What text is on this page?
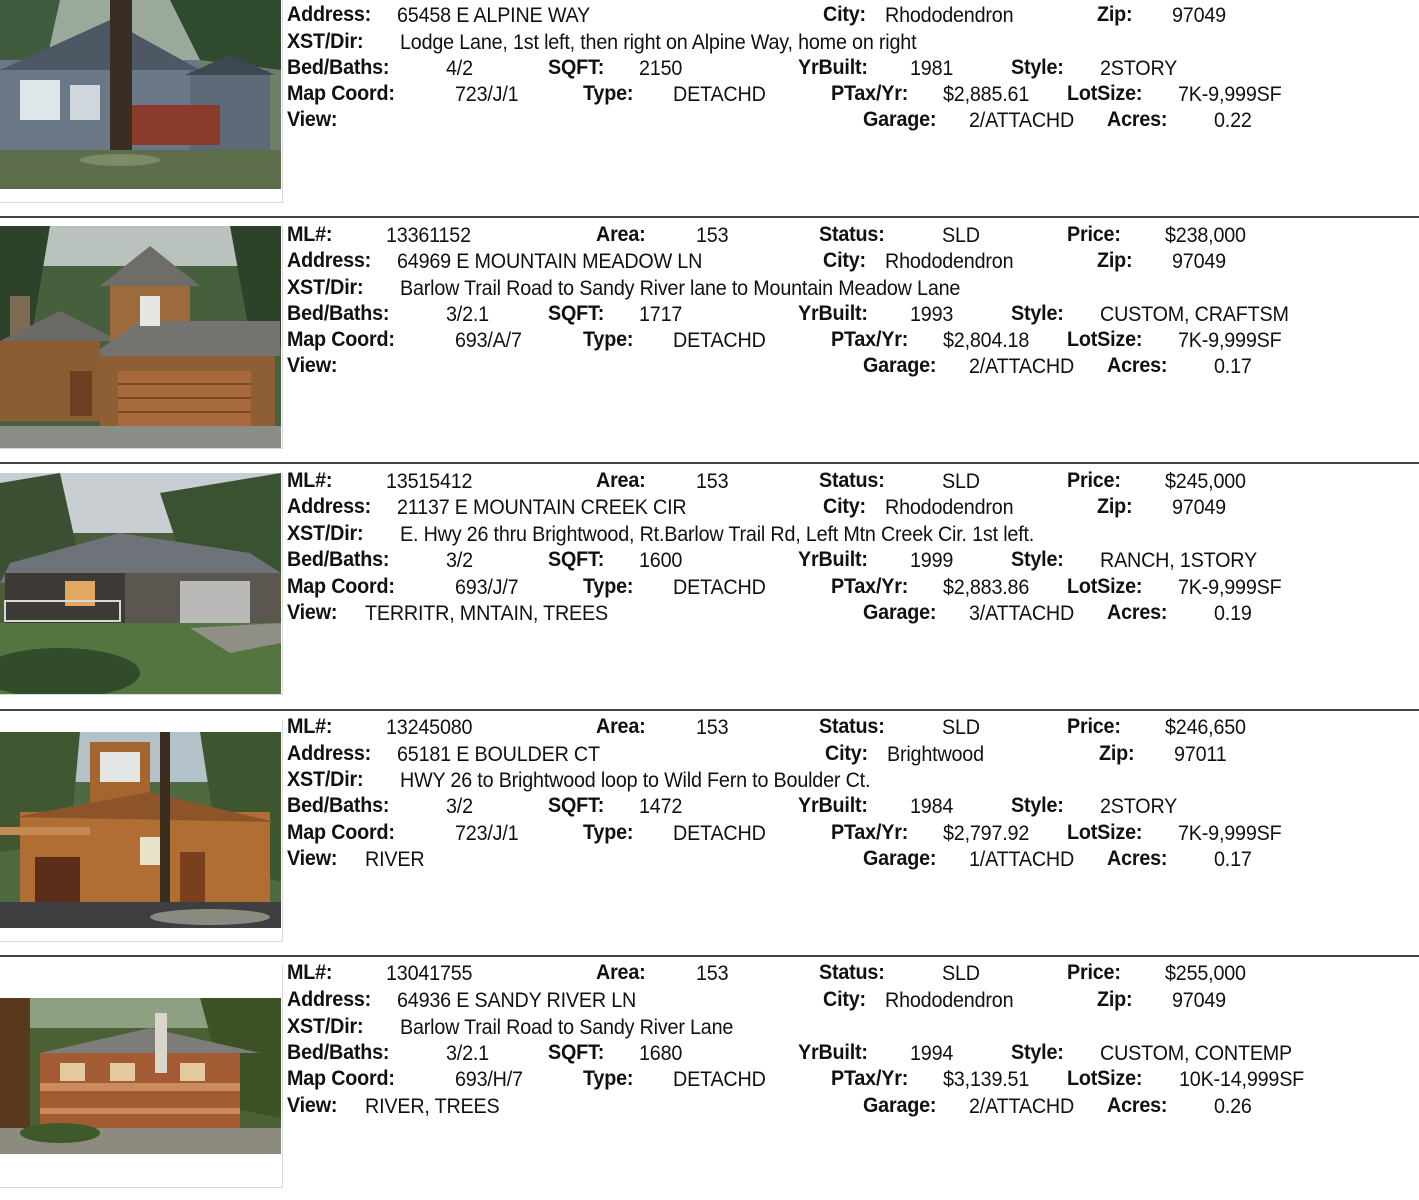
Address: 65458 E ALPINE WAY	City: Rhododendron	Zip: 97049
XST/Dir: Lodge Lane, 1st left, then right on Alpine Way, home on right
Bed/Baths:	4/2	SQFT: 2150	YrBuilt: 1981	Style: 2STORY
Map Coord:	723/J/1	Type: DETACHD	PTax/Yr: $2,885.61 LotSize: 7K-9,999SF
View:	Garage: 2/ATTACHD Acres: 0.22
ML#:	13361152	Area: 153	Status:	SLD	Price: $238,000
Address: 64969 E MOUNTAIN MEADOW LN	City: Rhododendron	Zip: 97049
XST/Dir: Barlow Trail Road to Sandy River lane to Mountain Meadow Lane
Bed/Baths:	3/2.1	SQFT: 1717	YrBuilt: 1993	Style: CUSTOM, CRAFTSM
Map Coord:	693/A/7	Type: DETACHD	PTax/Yr: $2,804.18 LotSize: 7K-9,999SF
View:	Garage: 2/ATTACHD Acres: 0.17
ML#:	13515412	Area: 153	Status:	SLD	Price: $245,000
Address: 21137 E MOUNTAIN CREEK CIR	City: Rhododendron	Zip: 97049
XST/Dir: E. Hwy 26 thru Brightwood, Rt.Barlow Trail Rd, Left Mtn Creek Cir. 1st left.
Bed/Baths:	3/2	SQFT: 1600	YrBuilt: 1999	Style: RANCH, 1STORY
Map Coord:	693/J/7	Type: DETACHD	PTax/Yr: $2,883.86 LotSize: 7K-9,999SF
View: TERRITR, MNTAIN, TREES	Garage: 3/ATTACHD Acres: 0.19
ML#:	13245080	Area: 153	Status:	SLD	Price: $246,650
Address: 65181 E BOULDER CT	City: Brightwood	Zip: 97011
XST/Dir: HWY 26 to Brightwood loop to Wild Fern to Boulder Ct.
Bed/Baths:	3/2	SQFT: 1472	YrBuilt: 1984	Style: 2STORY
Map Coord:	723/J/1	Type: DETACHD	PTax/Yr: $2,797.92 LotSize: 7K-9,999SF
View: RIVER	Garage: 1/ATTACHD Acres: 0.17
ML#:	13041755	Area: 153	Status:	SLD	Price: $255,000
Address: 64936 E SANDY RIVER LN	City: Rhododendron	Zip: 97049
XST/Dir: Barlow Trail Road to Sandy River Lane
Bed/Baths:	3/2.1	SQFT: 1680	YrBuilt: 1994	Style: CUSTOM, CONTEMP
Map Coord:	693/H/7	Type: DETACHD	PTax/Yr: $3,139.51 LotSize: 10K-14,999SF
View: RIVER, TREES	Garage: 2/ATTACHD Acres: 0.26
